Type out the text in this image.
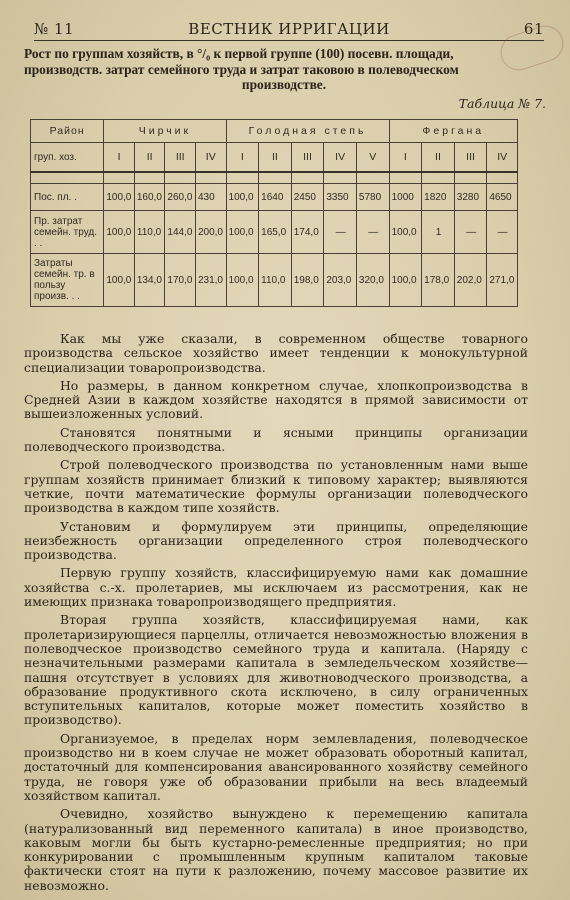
№ 11	ВЕСТНИК ИРРИГАЦИИ	61
Рост по группам хозяйств, в °/₀ к первой группе (100) посевн. площади,
производств. затрат семейного труда и затрат таковою в полеводческом

производстве.
Таблица № 7.
Район	Чирчик				Голодная степь					Фергана			
груп. хоз.	I	II	III	IV	I	II	III	IV	V	I	II	III	IV

Пос. пл. .	100,0	160,0	260,0	430	100,0	1640	2450	3350	5780	1000	1820	3280	4650
Пр. затрат семейн. труд. . .	100,0	110,0	144,0	200,0	100,0	165,0	174,0	—	—	100,0	1	—	—
Затраты семейн. тр. в пользу произв. . .	100,0	134,0	170,0	231,0	100,0	110,0	198,0	203,0	320,0	100,0	178,0	202,0	271,0

Как мы уже сказали, в современном обществе товарного производства сельское хозяйство имеет тенденции к монокультурной специализации товаропроизводства.

Но размеры, в данном конкретном случае, хлопкопроизводства в Средней Азии в каждом хозяйстве находятся в прямой зависимости от вышеизложенных условий.

Становятся понятными и ясными принципы организации полеводческого производства.

Строй полеводческого производства по установленным нами выше группам хозяйств принимает близкий к типовому характер; выявляются четкие, почти математические формулы организации полеводческого производства в каждом типе хозяйств.

Установим и формулируем эти принципы, определяющие неизбежность организации определенного строя полеводческого производства.

Первую группу хозяйств, классифицируемую нами как домашние хозяйства с.-х. пролетариев, мы исключаем из рассмотрения, как не имеющих признака товаропроизводящего предприятия.

Вторая группа хозяйств, классифицируемая нами, как пролетаризирующиеся парцеллы, отличается невозможностью вложения в полеводческое производство семейного труда и капитала. (Наряду с незначительными размерами капитала в земледельческом хозяйстве—пашня отсутствует в условиях для животноводческого производства, а образование продуктивного скота исключено, в силу ограниченных вступительных капиталов, которые может поместить хозяйство в производство).

Организуемое, в пределах норм землевладения, полеводческое производство ни в коем случае не может образовать оборотный капитал, достаточный для компенсирования авансированного хозяйству семейного труда, не говоря уже об образовании прибыли на весь владеемый хозяйством капитал.

Очевидно, хозяйство вынуждено к перемещению капитала (натурализованный вид переменного капитала) в иное производство, каковым могли бы быть кустарно-ремесленные предприятия; но при конкурировании с промышленным крупным капиталом таковые фактически стоят на пути к разложению, почему массовое развитие их невозможно.
